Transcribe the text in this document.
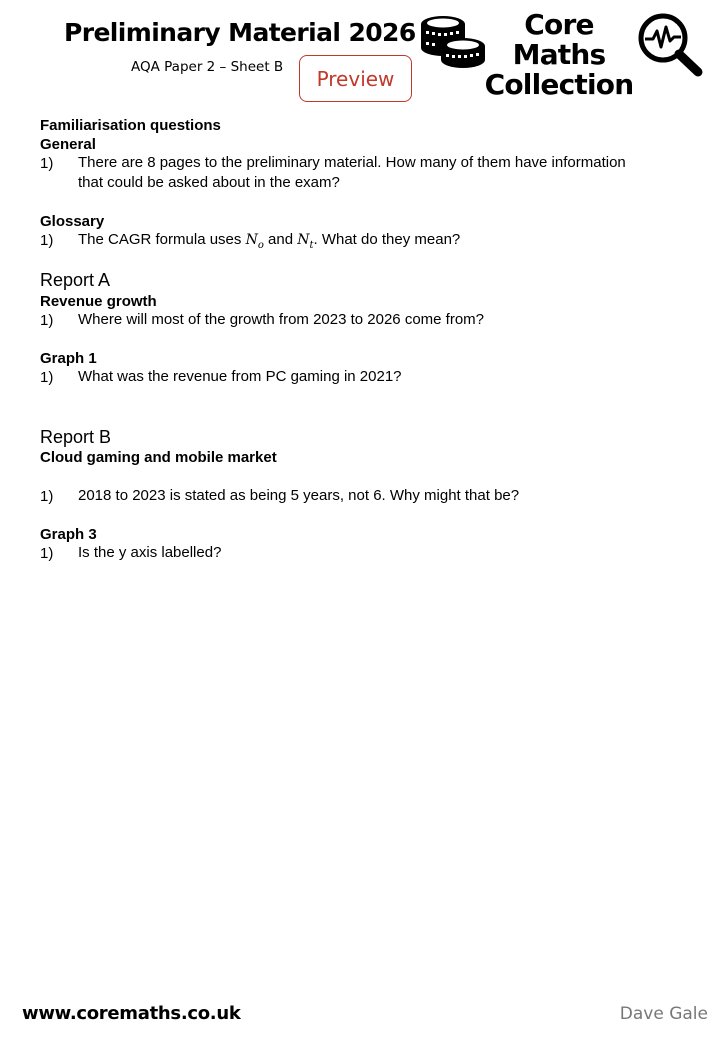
Preliminary Material 2026
AQA Paper 2 – Sheet B Preview
Core Maths
Collection
Familiarisation questions
General
1) There are 8 pages to the preliminary material. How many of them have information
that could be asked about in the exam?
Glossary
1) The CAGR formula uses $N_o$ and $N_t$. What do they mean?
Report A
Revenue growth
1) Where will most of the growth from 2023 to 2026 come from?
Graph 1
1) What was the revenue from PC gaming in 2021?
Report B
Cloud gaming and mobile market
1) 2018 to 2023 is stated as being 5 years, not 6. Why might that be?
Graph 3
1) Is the y axis labelled?
www.coremaths.co.uk	Dave Gale
